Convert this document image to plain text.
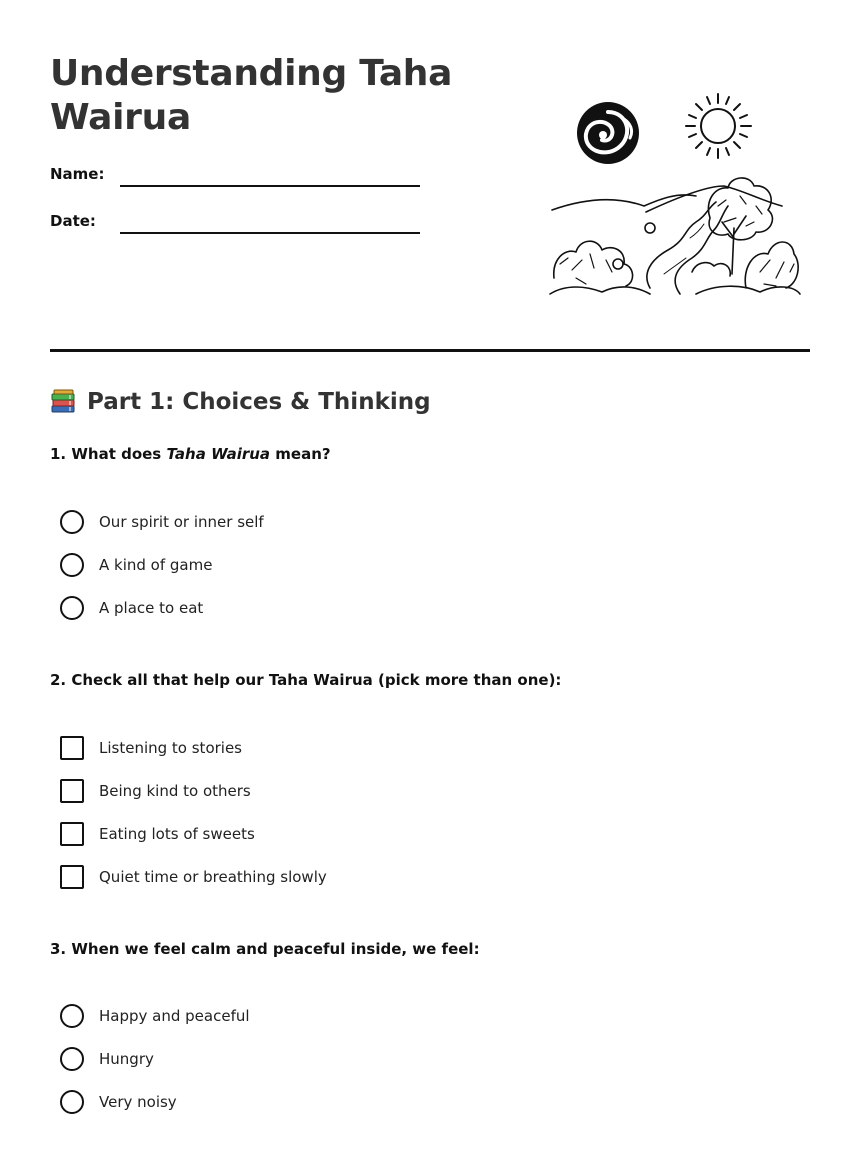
Understanding Taha Wairua
Name:
Date:
Part 1: Choices & Thinking
1. What does Taha Wairua mean?
Our spirit or inner self
A kind of game
A place to eat
2. Check all that help our Taha Wairua (pick more than one):
Listening to stories
Being kind to others
Eating lots of sweets
Quiet time or breathing slowly
3. When we feel calm and peaceful inside, we feel:
Happy and peaceful
Hungry
Very noisy
